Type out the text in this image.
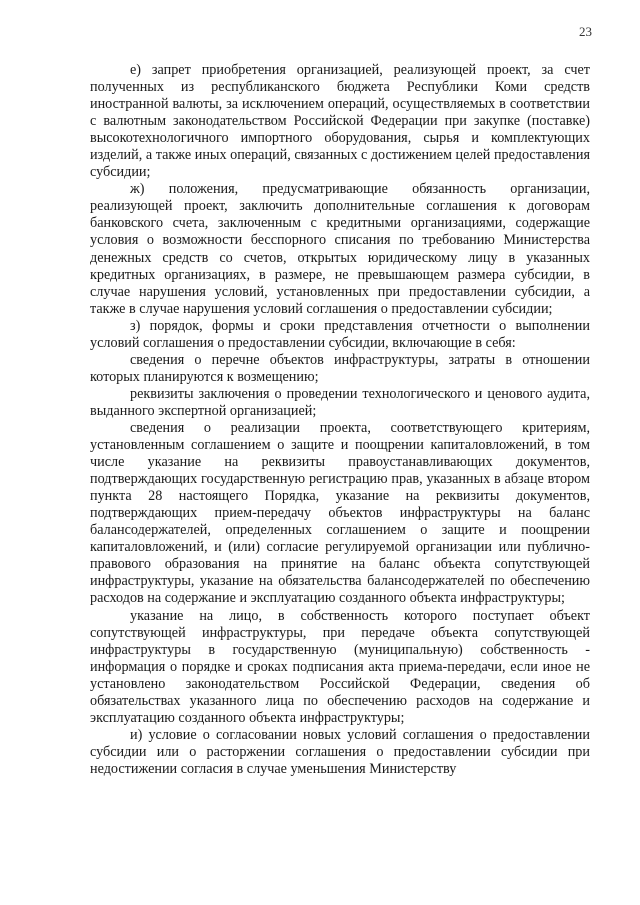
23

е) запрет приобретения организацией, реализующей проект, за счет полученных из республиканского бюджета Республики Коми средств иностранной валюты, за исключением операций, осуществляемых в соответствии с валютным законодательством Российской Федерации при закупке (поставке) высокотехнологичного импортного оборудования, сырья и комплектующих изделий, а также иных операций, связанных с достижением целей предоставления субсидии;

ж) положения, предусматривающие обязанность организации, реализующей проект, заключить дополнительные соглашения к договорам банковского счета, заключенным с кредитными организациями, содержащие условия о возможности бесспорного списания по требованию Министерства денежных средств со счетов, открытых юридическому лицу в указанных кредитных организациях, в размере, не превышающем размера субсидии, в случае нарушения условий, установленных при предоставлении субсидии, а также в случае нарушения условий соглашения о предоставлении субсидии;

з) порядок, формы и сроки представления отчетности о выполнении условий соглашения о предоставлении субсидии, включающие в себя:

сведения о перечне объектов инфраструктуры, затраты в отношении которых планируются к возмещению;

реквизиты заключения о проведении технологического и ценового аудита, выданного экспертной организацией;

сведения о реализации проекта, соответствующего критериям, установленным соглашением о защите и поощрении капиталовложений, в том числе указание на реквизиты правоустанавливающих документов, подтверждающих государственную регистрацию прав, указанных в абзаце втором пункта 28 настоящего Порядка, указание на реквизиты документов, подтверждающих прием-передачу объектов инфраструктуры на баланс балансодержателей, определенных соглашением о защите и поощрении капиталовложений, и (или) согласие регулируемой организации или публично-правового образования на принятие на баланс объекта сопутствующей инфраструктуры, указание на обязательства балансодержателей по обеспечению расходов на содержание и эксплуатацию созданного объекта инфраструктуры;

указание на лицо, в собственность которого поступает объект сопутствующей инфраструктуры, при передаче объекта сопутствующей инфраструктуры в государственную (муниципальную) собственность - информация о порядке и сроках подписания акта приема-передачи, если иное не установлено законодательством Российской Федерации, сведения об обязательствах указанного лица по обеспечению расходов на содержание и эксплуатацию созданного объекта инфраструктуры;

и) условие о согласовании новых условий соглашения о предоставлении субсидии или о расторжении соглашения о предоставлении субсидии при недостижении согласия в случае уменьшения Министерству
